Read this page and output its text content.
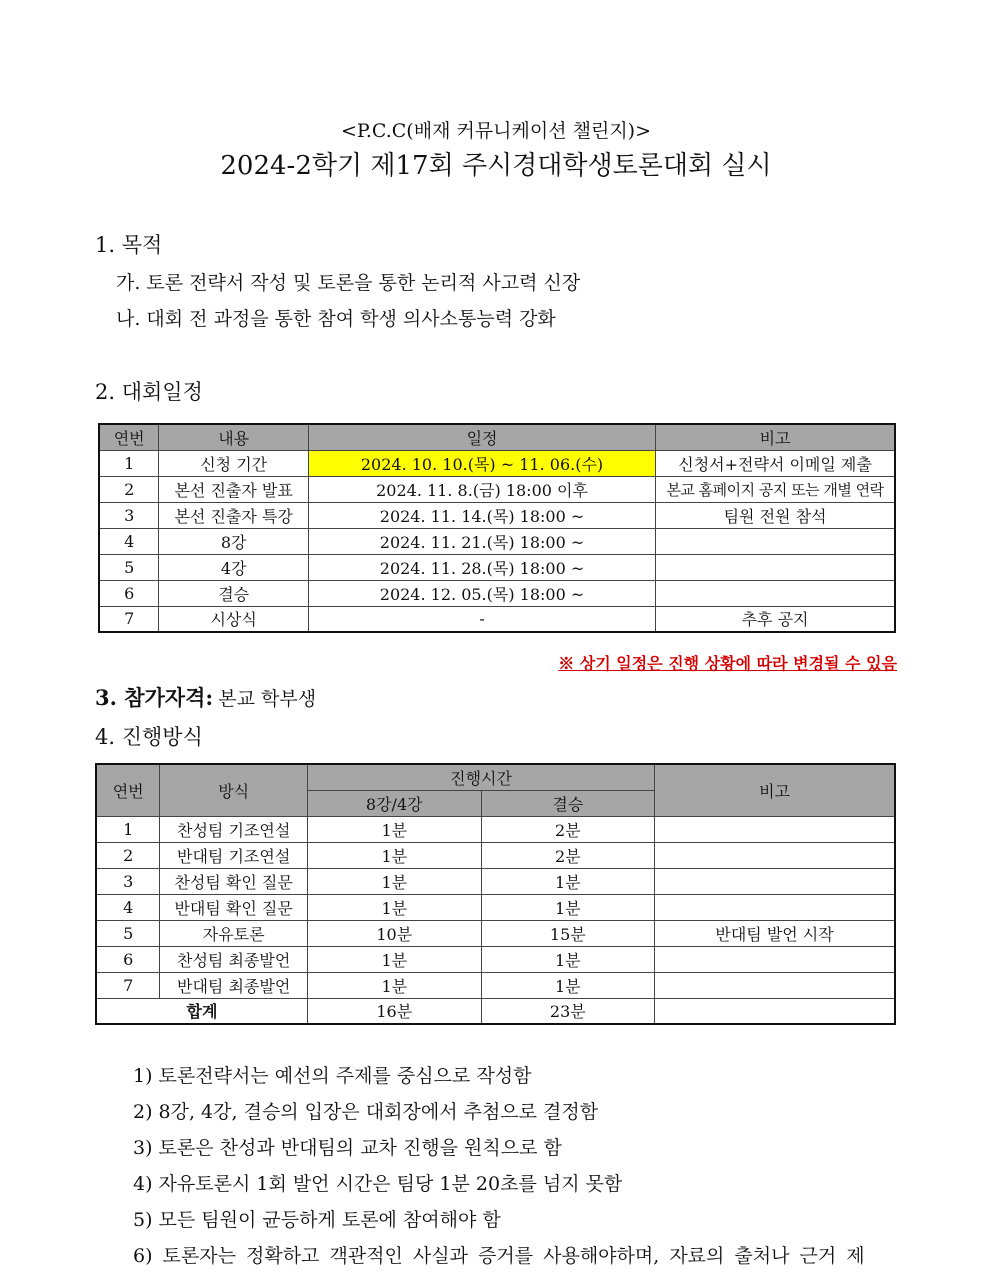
<P.C.C(배재 커뮤니케이션 챌린지)>
2024-2학기 제17회 주시경대학생토론대회 실시
1. 목적
가. 토론 전략서 작성 및 토론을 통한 논리적 사고력 신장
나. 대회 전 과정을 통한 참여 학생 의사소통능력 강화
2. 대회일정
연번	내용	일정	비고
1	신청 기간	2024. 10. 10.(목) ~ 11. 06.(수)	신청서+전략서 이메일 제출
2	본선 진출자 발표	2024. 11. 8.(금) 18:00 이후	본교 홈페이지 공지 또는 개별 연락
3	본선 진출자 특강	2024. 11. 14.(목) 18:00 ~	팀원 전원 참석
4	8강	2024. 11. 21.(목) 18:00 ~	
5	4강	2024. 11. 28.(목) 18:00 ~	
6	결승	2024. 12. 05.(목) 18:00 ~	
7	시상식	-	추후 공지
※ 상기 일정은 진행 상황에 따라 변경될 수 있음
3. 참가자격: 본교 학부생
4. 진행방식
연번	방식	진행시간		비고
		8강/4강	결승	
1	찬성팀 기조연설	1분	2분	
2	반대팀 기조연설	1분	2분	
3	찬성팀 확인 질문	1분	1분	
4	반대팀 확인 질문	1분	1분	
5	자유토론	10분	15분	반대팀 발언 시작
6	찬성팀 최종발언	1분	1분	
7	반대팀 최종발언	1분	1분	
합계		16분	23분	
1) 토론전략서는 예선의 주제를 중심으로 작성함
2) 8강, 4강, 결승의 입장은 대회장에서 추첨으로 결정함
3) 토론은 찬성과 반대팀의 교차 진행을 원칙으로 함
4) 자유토론시 1회 발언 시간은 팀당 1분 20초를 넘지 못함
5) 모든 팀원이 균등하게 토론에 참여해야 함
6) 토론자는 정확하고 객관적인 사실과 증거를 사용해야하며, 자료의 출처나 근거 제
